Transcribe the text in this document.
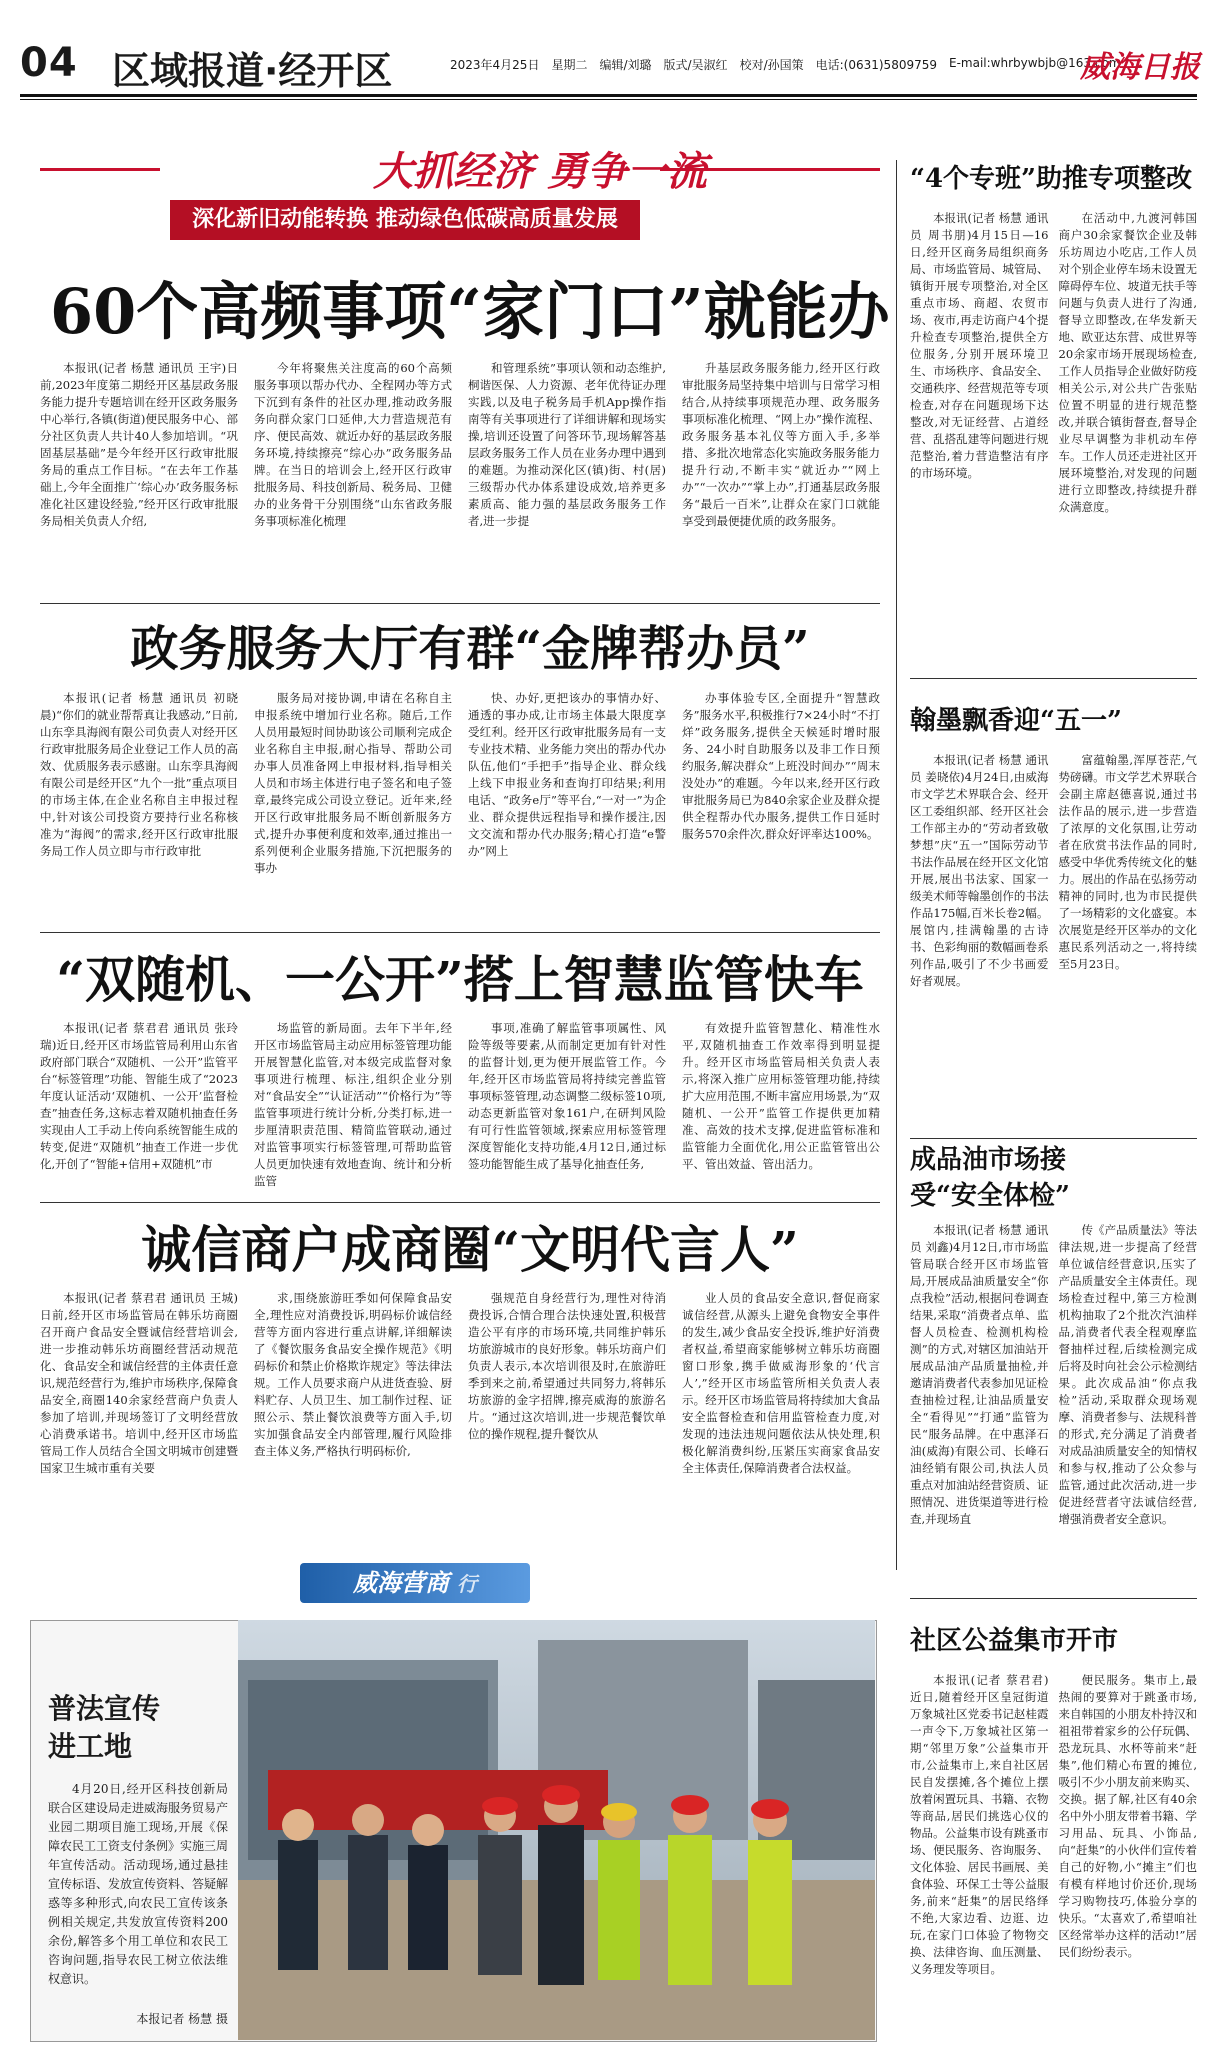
04 区域报道·经开区	2023年4月25日 星期二 编辑/刘璐 版式/吴淑红 校对/孙国策 电话:(0631)5809759 E-mail:whrbywbjb@163.com
威海日报
大抓经济 勇争一流
深化新旧动能转换 推动绿色低碳高质量发展
60个高频事项“家门口”就能办
本报讯(记者 杨慧 通讯员 王宇)日前,2023年度第二期经开区基层政务服务能力提升专题培训在经开区政务服务中心举行,各镇(街道)便民服务中心、部分社区负责人共计40人参加培训。“巩固基层基础”是今年经开区行政审批服务局的重点工作目标。“在去年工作基础上,今年全面推广‘综心办’政务服务标准化社区建设经验,”经开区行政审批服务局相关负责人介绍,
今年将聚焦关注度高的60个高频服务事项以帮办代办、全程网办等方式下沉到有条件的社区办理,推动政务服务向群众家门口延伸,大力营造规范有序、便民高效、就近办好的基层政务服务环境,持续擦亮“综心办”政务服务品牌。在当日的培训会上,经开区行政审批服务局、科技创新局、税务局、卫健办的业务骨干分别围绕“山东省政务服务事项标准化梳理
和管理系统”事项认领和动态维护,桐谐医保、人力资源、老年优待证办理实践,以及电子税务局手机App操作指南等有关事项进行了详细讲解和现场实操,培训还设置了问答环节,现场解答基层政务服务工作人员在业务办理中遇到的难题。为推动深化区(镇)街、村(居)三级帮办代办体系建设成效,培养更多素质高、能力强的基层政务服务工作者,进一步提
升基层政务服务能力,经开区行政审批服务局坚持集中培训与日常学习相结合,从持续事项规范办理、政务服务事项标准化梳理、“网上办”操作流程、政务服务基本礼仪等方面入手,多举措、多批次地常态化实施政务服务能力提升行动,不断丰实“就近办”“网上办”“一次办”“掌上办”,打通基层政务服务“最后一百米”,让群众在家门口就能享受到最便捷优质的政务服务。
政务服务大厅有群“金牌帮办员”
本报讯(记者 杨慧 通讯员 初晓晨)“你们的就业帮帮真让我感动,”日前,山东孪具海阀有限公司负责人对经开区行政审批服务局企业登记工作人员的高效、优质服务表示感谢。山东孪具海阀有限公司是经开区“九个一批”重点项目的市场主体,在企业名称自主申报过程中,针对该公司投资方要持行业名称核准为“海阀”的需求,经开区行政审批服务局工作人员立即与市行政审批
服务局对接协调,申请在名称自主申报系统中增加行业名称。随后,工作人员用最短时间协助该公司顺利完成企业名称自主申报,耐心指导、帮助公司办事人员准备网上申报材料,指导相关人员和市场主体进行电子签名和电子签章,最终完成公司设立登记。近年来,经开区行政审批服务局不断创新服务方式,提升办事便利度和效率,通过推出一系列便利企业服务措施,下沉把服务的事办
快、办好,更把该办的事情办好、通透的事办成,让市场主体最大限度享受红利。经开区行政审批服务局有一支专业技术精、业务能力突出的帮办代办队伍,他们“手把手”指导企业、群众线上线下申报业务和查询打印结果;利用电话、“政务e厅”等平台,“一对一”为企业、群众提供远程指导和操作援注,因文交流和帮办代办服务;精心打造“e警办”网上
办事体验专区,全面提升“智慧政务”服务水平,积极推行7×24小时“不打烊”政务服务,提供全天候延时增时服务、24小时自助服务以及非工作日预约服务,解决群众“上班没时间办”“周末没处办”的难题。今年以来,经开区行政审批服务局已为840余家企业及群众提供全程帮办代办服务,提供工作日延时服务570余件次,群众好评率达100%。
“双随机、一公开”搭上智慧监管快车
本报讯(记者 蔡君君 通讯员 张玲瑞)近日,经开区市场监管局利用山东省政府部门联合“双随机、一公开”监管平台“标签管理”功能、智能生成了“2023年度认证活动‘双随机、一公开’监督检查”抽查任务,这标志着双随机抽查任务实现由人工手动上传向系统智能生成的转变,促进“双随机”抽查工作进一步优化,开创了“智能+信用+双随机”市
场监管的新局面。去年下半年,经开区市场监管局主动应用标签管理功能开展智慧化监管,对本级完成监督对象事项进行梳理、标注,组织企业分别对“食品安全”“认证活动”“价格行为”等监管事项进行统计分析,分类打标,进一步厘清职责范围、精简监管联动,通过对监管事项实行标签管理,可帮助监管人员更加快速有效地查询、统计和分析监管
事项,准确了解监管事项属性、风险等级等要素,从而制定更加有针对性的监督计划,更为便开展监管工作。今年,经开区市场监管局将持续完善监管事项标签管理,动态调整二级标签10项,动态更新监管对象161户,在研判风险有可行性监管领域,探索应用标签管理深度智能化支持功能,4月12日,通过标签功能智能生成了基导化抽查任务,
有效提升监管智慧化、精准性水平,双随机抽查工作效率得到明显提升。经开区市场监管局相关负责人表示,将深入推广应用标签管理功能,持续扩大应用范围,不断丰富应用场景,为“双随机、一公开”监管工作提供更加精准、高效的技术支撑,促进监管标准和监管能力全面优化,用公正监管管出公平、管出效益、管出活力。
诚信商户成商圈“文明代言人”
本报讯(记者 蔡君君 通讯员 王城)日前,经开区市场监管局在韩乐坊商圈召开商户食品安全暨诚信经营培训会,进一步推动韩乐坊商圈经营活动规范化、食品安全和诚信经营的主体责任意识,规范经营行为,维护市场秩序,保障食品安全,商圈140余家经营商户负责人参加了培训,并现场签订了文明经营放心消费承诺书。培训中,经开区市场监管局工作人员结合全国文明城市创建暨国家卫生城市重有关要
求,围绕旅游旺季如何保障食品安全,理性应对消费投诉,明码标价诚信经营等方面内容进行重点讲解,详细解读了《餐饮服务食品安全操作规范》《明码标价和禁止价格欺诈规定》等法律法规。工作人员要求商户从进货查验、厨料贮存、人员卫生、加工制作过程、证照公示、禁止餐饮浪费等方面入手,切实加强食品安全内部管理,履行风险排查主体义务,严格执行明码标价,
强规范自身经营行为,理性对待消费投诉,合情合理合法快速处置,积极营造公平有序的市场环境,共同维护韩乐坊旅游城市的良好形象。韩乐坊商户们负责人表示,本次培训很及时,在旅游旺季到来之前,希望通过共同努力,将韩乐坊旅游的金字招牌,擦亮威海的旅游名片。“通过这次培训,进一步规范餐饮单位的操作规程,提升餐饮从
业人员的食品安全意识,督促商家诚信经营,从源头上避免食物安全事件的发生,减少食品安全投诉,维护好消费者权益,希望商家能够树立韩乐坊商圈窗口形象,携手做威海形象的‘代言人’,”经开区市场监管所相关负责人表示。经开区市场监管局将持续加大食品安全监督检查和信用监管检查力度,对发现的违法违规问题依法从快处理,积极化解消费纠纷,压紧压实商家食品安全主体责任,保障消费者合法权益。
“4个专班”助推专项整改
本报讯(记者 杨慧 通讯员 周书朋)4月15日—16日,经开区商务局组织商务局、市场监管局、城管局、镇街开展专项整治,对全区重点市场、商超、农贸市场、夜市,再走访商户4个提升检查专项整治,提供全方位服务,分别开展环境卫生、市场秩序、食品安全、交通秩序、经营规范等专项检查,对存在问题现场下达整改,对无证经营、占道经营、乱搭乱建等问题进行规范整治,着力营造整洁有序的市场环境。
在活动中,九渡河韩国商户30余家餐饮企业及韩乐坊周边小吃店,工作人员对个别企业停车场未设置无障碍停车位、坡道无扶手等问题与负责人进行了沟通,督导立即整改,在华发新天地、欧亚达东营、成世界等20余家市场开展现场检查,工作人员指导企业做好防疫相关公示,对公共广告张贴位置不明显的进行规范整改,并联合镇街督查,督导企业尽早调整为非机动车停车。工作人员还走进社区开展环境整治,对发现的问题进行立即整改,持续提升群众满意度。
翰墨飘香迎“五一”
本报讯(记者 杨慧 通讯员 姜晓依)4月24日,由威海市文学艺术界联合会、经开区工委组织部、经开区社会工作部主办的“劳动者致敬梦想”庆“五一”国际劳动节书法作品展在经开区文化馆开展,展出书法家、国家一级美术师等翰墨创作的书法作品175幅,百米长卷2幅。展馆内,挂满翰墨的古诗书、色彩绚丽的数幅画卷系列作品,吸引了不少书画爱好者观展。
富蕴翰墨,浑厚苍茫,气势磅礴。市文学艺术界联合会副主席赵德喜说,通过书法作品的展示,进一步营造了浓厚的文化氛围,让劳动者在欣赏书法作品的同时,感受中华优秀传统文化的魅力。展出的作品在弘扬劳动精神的同时,也为市民提供了一场精彩的文化盛宴。本次展览是经开区举办的文化惠民系列活动之一,将持续至5月23日。
成品油市场接受“安全体检”
本报讯(记者 杨慧 通讯员 刘鑫)4月12日,市市场监管局联合经开区市场监管局,开展成品油质量安全“你点我检”活动,根据问卷调查结果,采取“消费者点单、监督人员检查、检测机构检测”的方式,对辖区加油站开展成品油产品质量抽检,并邀请消费者代表参加见证检查抽检过程,让油品质量安全“看得见”“打通”监管为民“服务品牌。在中惠泽石油(威海)有限公司、长峰石油经销有限公司,执法人员重点对加油站经营资质、证照情况、进货渠道等进行检查,并现场直
传《产品质量法》等法律法规,进一步提高了经营单位诚信经营意识,压实了产品质量安全主体责任。现场检查过程中,第三方检测机构抽取了2个批次汽油样品,消费者代表全程观摩监督抽样过程,后续检测完成后将及时向社会公示检测结果。此次成品油“你点我检”活动,采取群众现场观摩、消费者参与、法规科普的形式,充分满足了消费者对成品油质量安全的知情权和参与权,推动了公众参与监管,通过此次活动,进一步促进经营者守法诚信经营,增强消费者安全意识。
社区公益集市开市
本报讯(记者 蔡君君)近日,随着经开区皇冠街道万象城社区党委书记赵桂霞一声令下,万象城社区第一期“邻里万象”公益集市开市,公益集市上,来自社区居民自发摆摊,各个摊位上摆放着闲置玩具、书籍、衣物等商品,居民们挑选心仪的物品。公益集市设有跳蚤市场、便民服务、咨询服务、文化体验、居民书画展、美食体验、环保工士等公益服务,前来“赶集”的居民络绎不绝,大家边看、边逛、边玩,在家门口体验了物物交换、法律咨询、血压测量、义务理发等项目。
便民服务。集市上,最热闹的要算对于跳蚤市场,来自韩国的小朋友朴持汉和祖祖带着家乡的公仔玩偶、恐龙玩具、水杯等前来“赶集”,他们精心布置的摊位,吸引不少小朋友前来购买、交换。据了解,社区有40余名中外小朋友带着书籍、学习用品、玩具、小饰品,向“赶集”的小伙伴们宣传着自己的好物,小“摊主”们也有模有样地讨价还价,现场学习购物技巧,体验分享的快乐。“太喜欢了,希望咱社区经常举办这样的活动!”居民们纷纷表示。
威海营商 行
普法宣传
进工地
4月20日,经开区科技创新局联合区建设局走进威海服务贸易产业园二期项目施工现场,开展《保障农民工工资支付条例》实施三周年宣传活动。活动现场,通过悬挂宣传标语、发放宣传资料、答疑解惑等多种形式,向农民工宣传该条例相关规定,共发放宣传资料200余份,解答多个用工单位和农民工咨询问题,指导农民工树立依法维权意识。
本报记者 杨慧 摄
